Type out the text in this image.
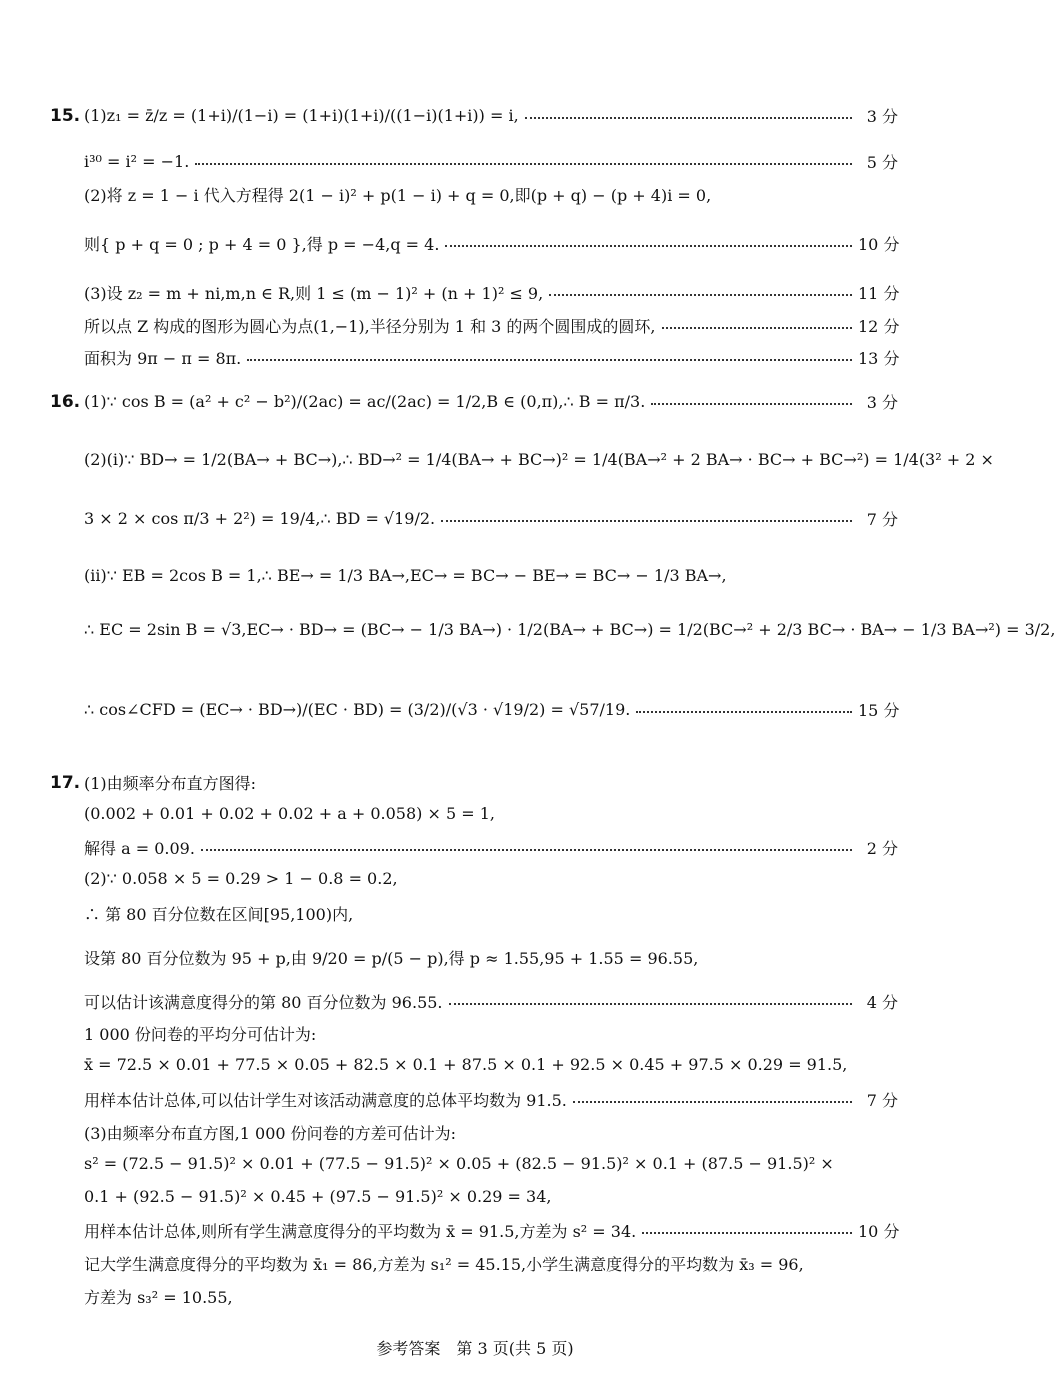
15. (1)z₁ = z̄/z = (1+i)/(1−i) = (1+i)(1+i)/((1−i)(1+i)) = i,	3 分
i³⁰ = i² = −1.	5 分
(2)将 z = 1 − i 代入方程得 2(1 − i)² + p(1 − i) + q = 0,即(p + q) − (p + 4)i = 0,
则{ p + q = 0 ; p + 4 = 0 },得 p = −4,q = 4.	10 分
(3)设 z₂ = m + ni,m,n ∈ R,则 1 ≤ (m − 1)² + (n + 1)² ≤ 9,	11 分
所以点 Z 构成的图形为圆心为点(1,−1),半径分别为 1 和 3 的两个圆围成的圆环,	12 分
面积为 9π − π = 8π.	13 分
16. (1)∵ cos B = (a² + c² − b²)/(2ac) = ac/(2ac) = 1/2,B ∈ (0,π),∴ B = π/3.	3 分
(2)(i)∵ BD→ = 1/2(BA→ + BC→),∴ BD→² = 1/4(BA→ + BC→)² = 1/4(BA→² + 2 BA→ · BC→ + BC→²) = 1/4(3² + 2 ×
3 × 2 × cos π/3 + 2²) = 19/4,∴ BD = √19/2.	7 分
(ii)∵ EB = 2cos B = 1,∴ BE→ = 1/3 BA→,EC→ = BC→ − BE→ = BC→ − 1/3 BA→,
∴ EC = 2sin B = √3,EC→ · BD→ = (BC→ − 1/3 BA→) · 1/2(BA→ + BC→) = 1/2(BC→² + 2/3 BC→ · BA→ − 1/3 BA→²) = 3/2,
∴ cos∠CFD = (EC→ · BD→)/(EC · BD) = (3/2)/(√3 · √19/2) = √57/19.	15 分
17. (1)由频率分布直方图得:
(0.002 + 0.01 + 0.02 + 0.02 + a + 0.058) × 5 = 1,
解得 a = 0.09.	2 分
(2)∵ 0.058 × 5 = 0.29 > 1 − 0.8 = 0.2,
∴ 第 80 百分位数在区间[95,100)内,
设第 80 百分位数为 95 + p,由 9/20 = p/(5 − p),得 p ≈ 1.55,95 + 1.55 = 96.55,
可以估计该满意度得分的第 80 百分位数为 96.55.	4 分
1 000 份问卷的平均分可估计为:
x̄ = 72.5 × 0.01 + 77.5 × 0.05 + 82.5 × 0.1 + 87.5 × 0.1 + 92.5 × 0.45 + 97.5 × 0.29 = 91.5,
用样本估计总体,可以估计学生对该活动满意度的总体平均数为 91.5.	7 分
(3)由频率分布直方图,1 000 份问卷的方差可估计为:
s² = (72.5 − 91.5)² × 0.01 + (77.5 − 91.5)² × 0.05 + (82.5 − 91.5)² × 0.1 + (87.5 − 91.5)² ×
0.1 + (92.5 − 91.5)² × 0.45 + (97.5 − 91.5)² × 0.29 = 34,
用样本估计总体,则所有学生满意度得分的平均数为 x̄ = 91.5,方差为 s² = 34.	10 分
记大学生满意度得分的平均数为 x̄₁ = 86,方差为 s₁² = 45.15,小学生满意度得分的平均数为 x̄₃ = 96,
方差为 s₃² = 10.55,
参考答案　第 3 页(共 5 页)
